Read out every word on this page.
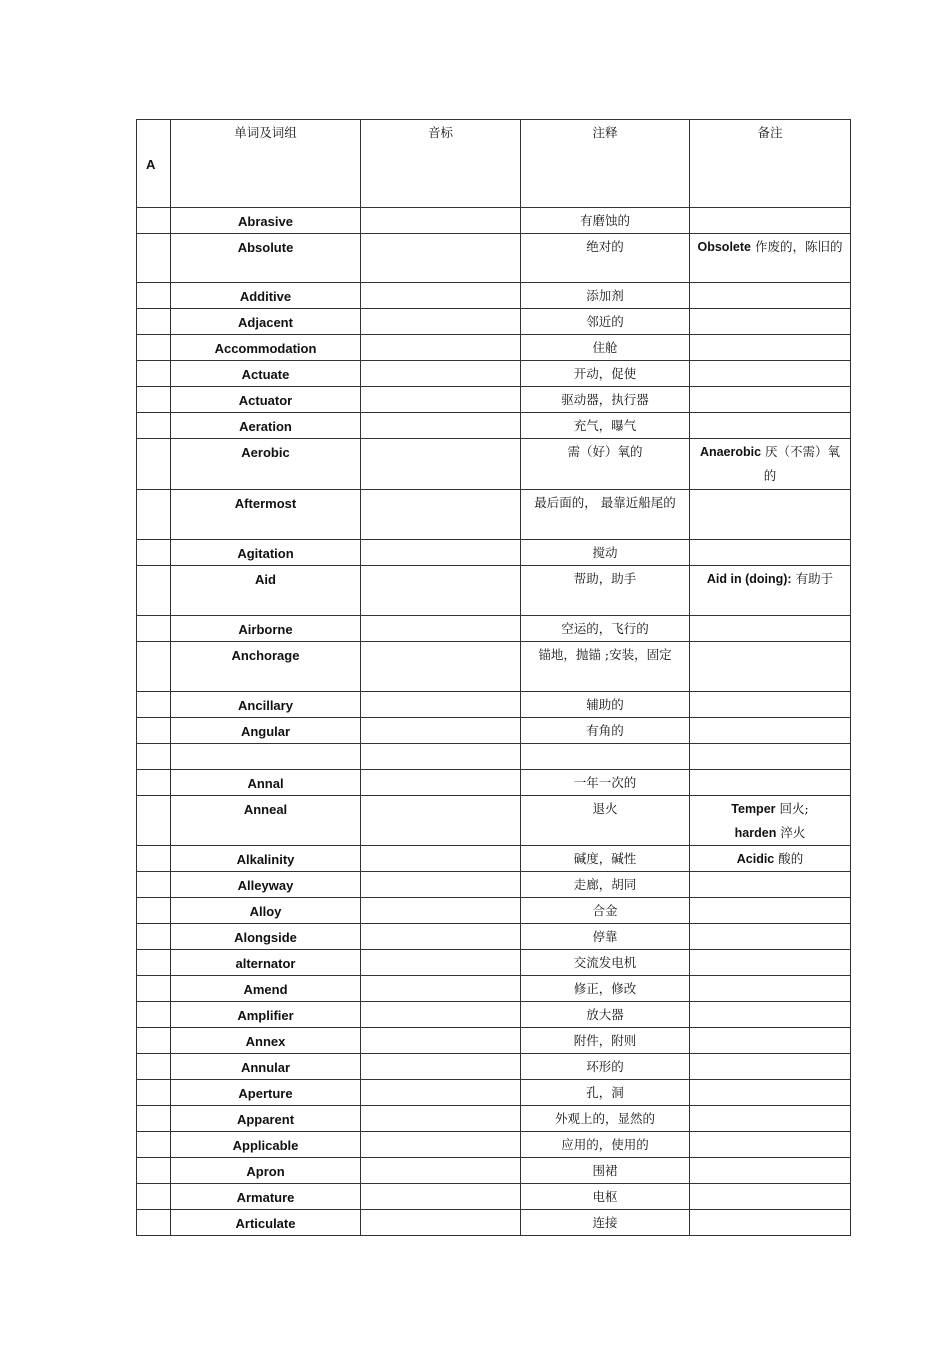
A	单词及词组	音标	注释	备注
	Abrasive		有磨蚀的	
	Absolute		绝对的	Obsolete 作废的，陈旧的
	Additive		添加剂	
	Adjacent		邻近的	
	Accommodation		住舱	
	Actuate		开动，促使	
	Actuator		驱动器，执行器	
	Aeration		充气，曝气	
	Aerobic		需（好）氧的	Anaerobic 厌（不需）氧的
	Aftermost		最后面的， 最靠近船尾的	
	Agitation		搅动	
	Aid		帮助，助手	Aid in (doing): 有助于
	Airborne		空运的，飞行的	
	Anchorage		锚地，抛锚 ;安装，固定	
	Ancillary		辅助的	
	Angular		有角的	

	Annal		一年一次的	
	Anneal		退火	Temper 回火;
harden 淬火
	Alkalinity		碱度，碱性	Acidic 酸的
	Alleyway		走廊，胡同	
	Alloy		合金	
	Alongside		停靠	
	alternator		交流发电机	
	Amend		修正，修改	
	Amplifier		放大器	
	Annex		附件，附则	
	Annular		环形的	
	Aperture		孔，洞	
	Apparent		外观上的，显然的	
	Applicable		应用的，使用的	
	Apron		围裙	
	Armature		电枢	
	Articulate		连接	
